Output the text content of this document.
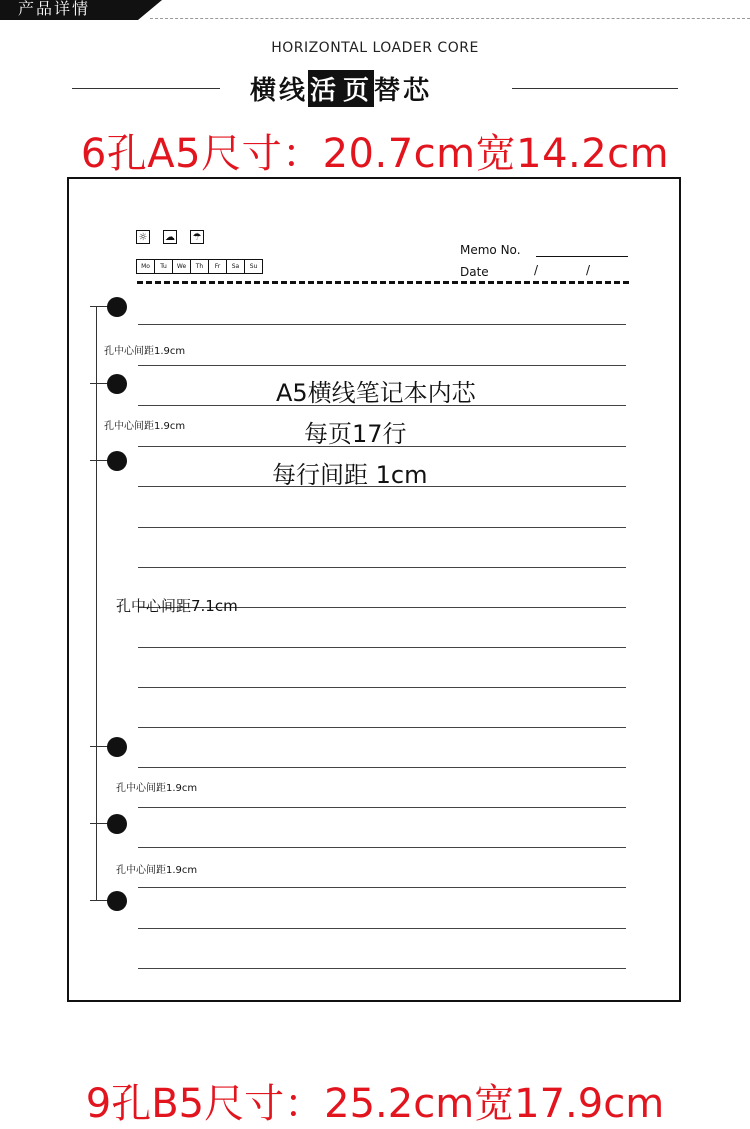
产品详情
HORIZONTAL LOADER CORE
横 线 活 页 替 芯
6孔A5尺寸：20.7cm宽14.2cm
☼ ☁ ☂
Mo	Tu	We	Th	Fr	Sa	Su
Memo No.
Date	/	/
孔中心间距1.9cm
孔中心间距1.9cm
孔中心间距1.9cm
孔中心间距1.9cm
孔中心间距7.1cm
A5横线笔记本内芯
每页17行
每行间距 1cm
9孔B5尺寸：25.2cm宽17.9cm
